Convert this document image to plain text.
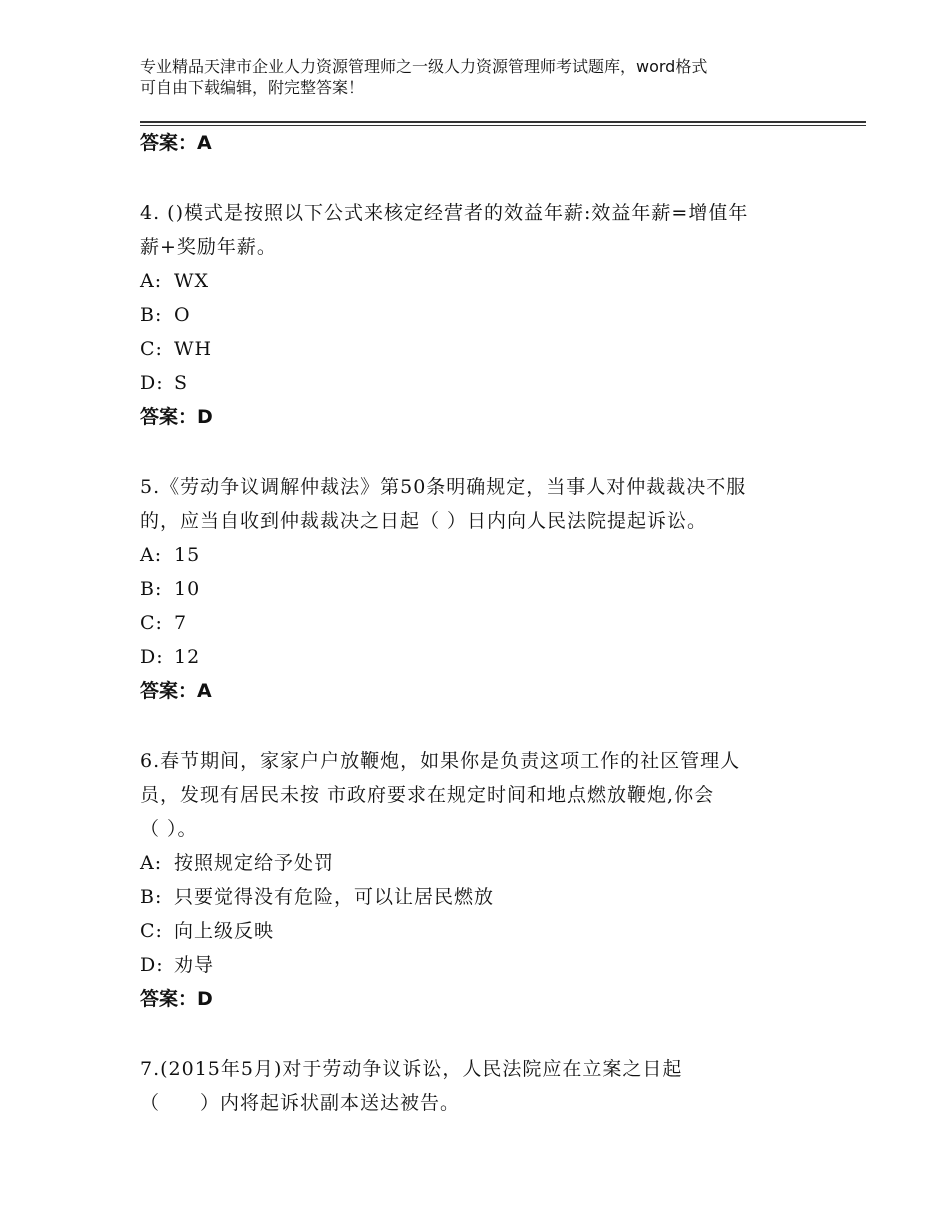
专业精品天津市企业人力资源管理师之一级人力资源管理师考试题库，word格式
可自由下载编辑，附完整答案！
答案：A
4. ()模式是按照以下公式来核定经营者的效益年薪:效益年薪=增值年
薪+奖励年薪。
A: WX
B: O
C: WH
D: S
答案：D
5.《劳动争议调解仲裁法》第50条明确规定，当事人对仲裁裁决不服
的，应当自收到仲裁裁决之日起（ ）日内向人民法院提起诉讼。
A: 15
B: 10
C: 7
D: 12
答案：A
6.春节期间，家家户户放鞭炮，如果你是负责这项工作的社区管理人
员，发现有居民未按 市政府要求在规定时间和地点燃放鞭炮,你会
（ ）。
A: 按照规定给予处罚
B: 只要觉得没有危险，可以让居民燃放
C: 向上级反映
D: 劝导
答案：D
7.(2015年5月)对于劳动争议诉讼，人民法院应在立案之日起
（　　）内将起诉状副本送达被告。
